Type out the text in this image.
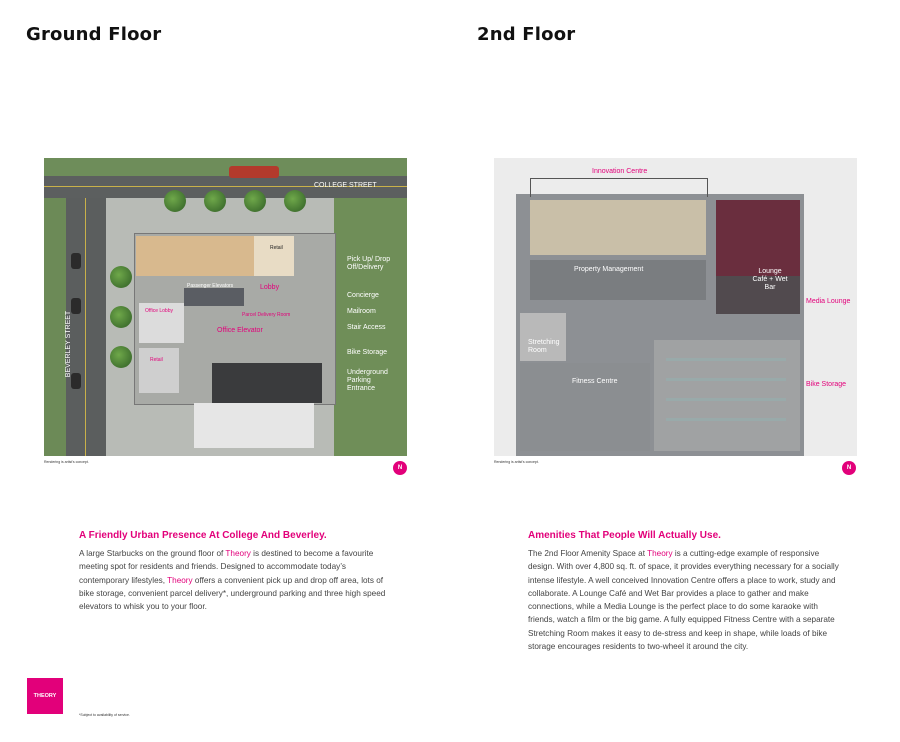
Ground Floor
COLLEGE STREET
BEVERLEY STREET
Retail
Lobby
Passenger Elevators
Office Lobby
Parcel Delivery Room
Office Elevator
Retail
Pick Up/ Drop Off/Delivery
Concierge
Mailroom
Stair Access
Bike Storage
Underground Parking Entrance
Rendering is artist's concept.
N
A Friendly Urban Presence At College And Beverley.
A large Starbucks on the ground floor of Theory is destined to become a favourite meeting spot for residents and friends. Designed to accommodate today’s contemporary lifestyles, Theory offers a convenient pick up and drop off area, lots of bike storage, convenient parcel delivery*, underground parking and three high speed elevators to whisk you to your floor.
THEORY
*Subject to availability of service.
2nd Floor
Innovation Centre
Property Management	Lounge Café + Wet Bar
Media Lounge
Stretching Room
Fitness Centre	Bike Storage
Rendering is artist's concept.
N
Amenities That People Will Actually Use.
The 2nd Floor Amenity Space at Theory is a cutting-edge example of responsive design. With over 4,800 sq. ft. of space, it provides everything necessary for a socially intense lifestyle. A well conceived Innovation Centre offers a place to work, study and collaborate. A Lounge Café and Wet Bar provides a place to gather and make connections, while a Media Lounge is the perfect place to do some karaoke with friends, watch a film or the big game. A fully equipped Fitness Centre with a separate Stretching Room makes it easy to de-stress and keep in shape, while loads of bike storage encourages residents to two-wheel it around the city.
